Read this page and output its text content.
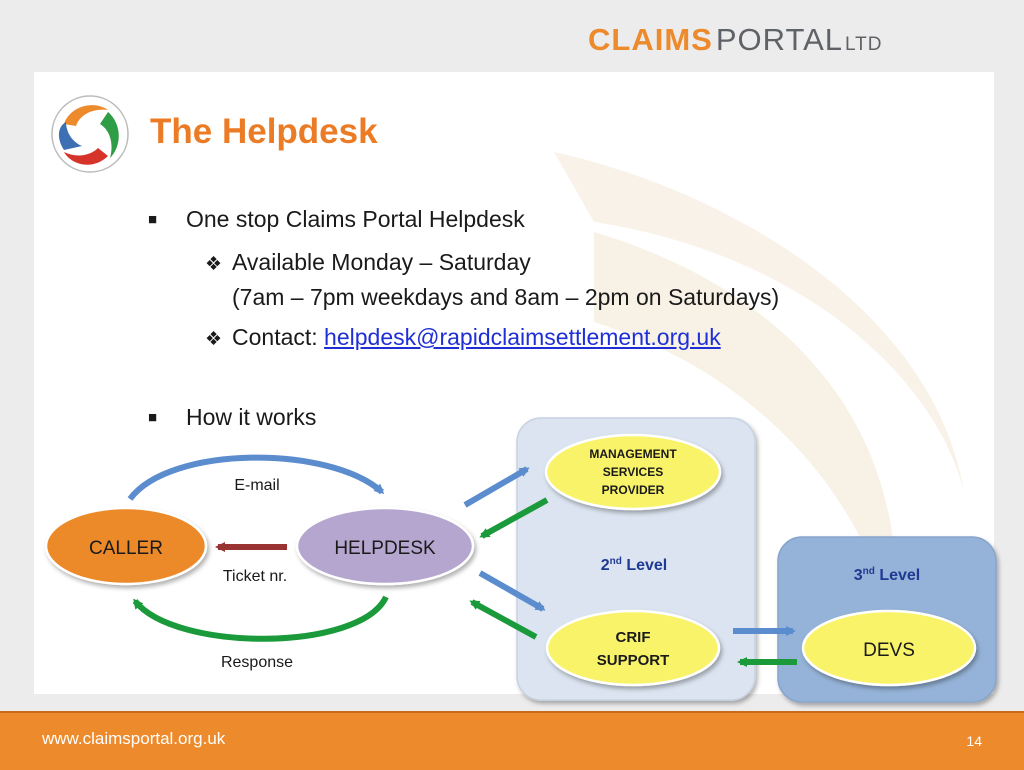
CLAIMS PORTAL LTD
The Helpdesk
■ One stop Claims Portal Helpdesk
❖ Available Monday – Saturday
(7am – 7pm weekdays and 8am – 2pm on Saturdays)
❖ Contact: helpdesk@rapidclaimsettlement.org.uk
■ How it works
CALLER	HELPDESK
MANAGEMENT
SERVICES
PROVIDER
CRIF
SUPPORT	DEVS
E-mail
Ticket nr.
Response
2nd Level
3nd Level
www.claimsportal.org.uk	14
